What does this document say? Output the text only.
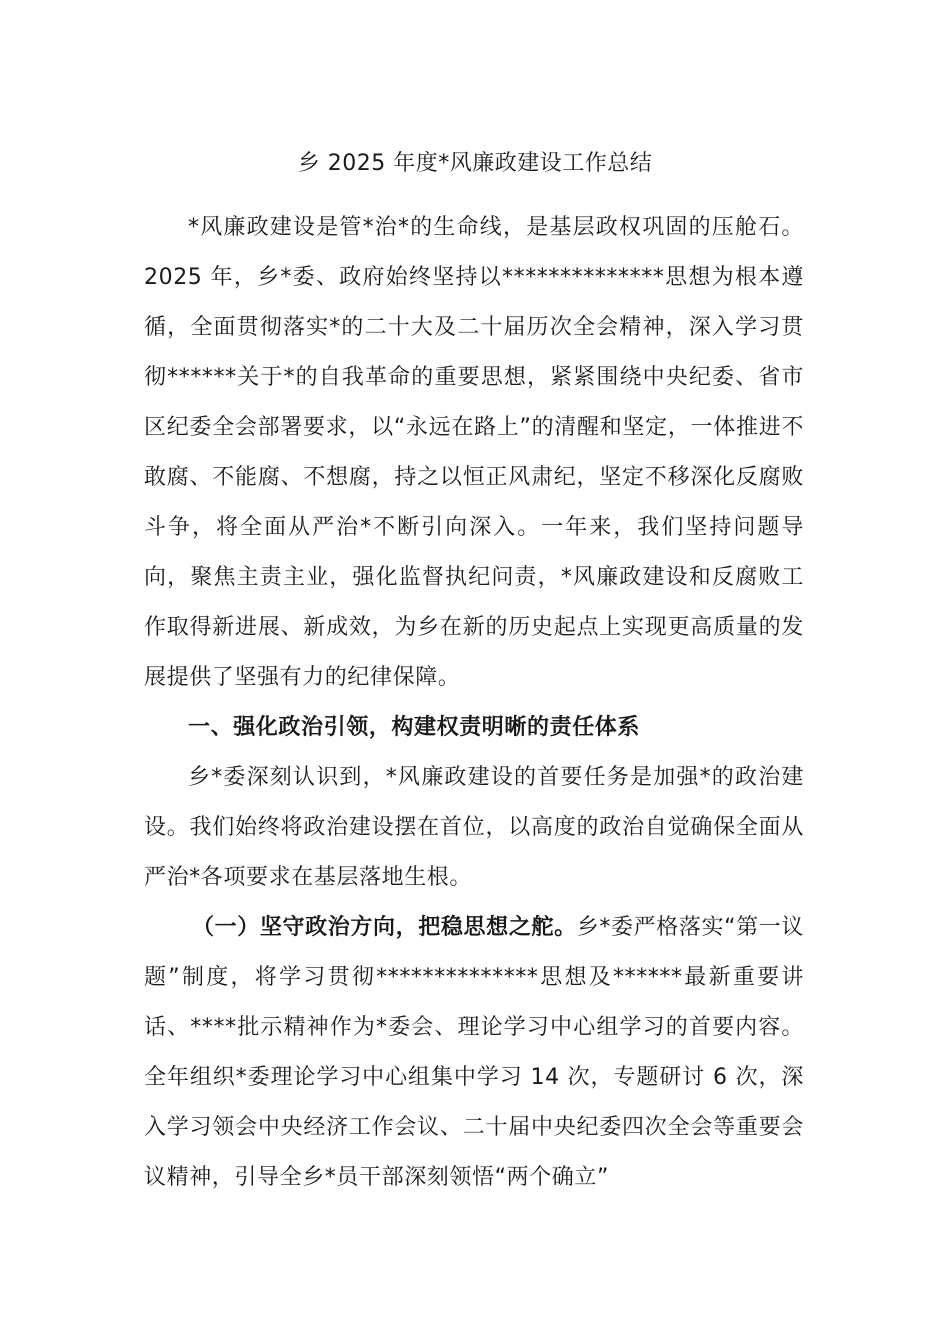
乡 2025 年度*风廉政建设工作总结

*风廉政建设是管*治*的生命线，是基层政权巩固的压舱石。2025 年，乡*委、政府始终坚持以**************思想为根本遵循，全面贯彻落实*的二十大及二十届历次全会精神，深入学习贯彻******关于*的自我革命的重要思想，紧紧围绕中央纪委、省市区纪委全会部署要求，以“永远在路上”的清醒和坚定，一体推进不敢腐、不能腐、不想腐，持之以恒正风肃纪，坚定不移深化反腐败斗争，将全面从严治*不断引向深入。一年来，我们坚持问题导向，聚焦主责主业，强化监督执纪问责，*风廉政建设和反腐败工作取得新进展、新成效，为乡在新的历史起点上实现更高质量的发展提供了坚强有力的纪律保障。

一、强化政治引领，构建权责明晰的责任体系

乡*委深刻认识到，*风廉政建设的首要任务是加强*的政治建设。我们始终将政治建设摆在首位，以高度的政治自觉确保全面从严治*各项要求在基层落地生根。

（一）坚守政治方向，把稳思想之舵。乡*委严格落实“第一议题”制度，将学习贯彻**************思想及******最新重要讲话、****批示精神作为*委会、理论学习中心组学习的首要内容。全年组织*委理论学习中心组集中学习 14 次，专题研讨 6 次，深入学习领会中央经济工作会议、二十届中央纪委四次全会等重要会议精神，引导全乡*员干部深刻领悟“两个确立”
